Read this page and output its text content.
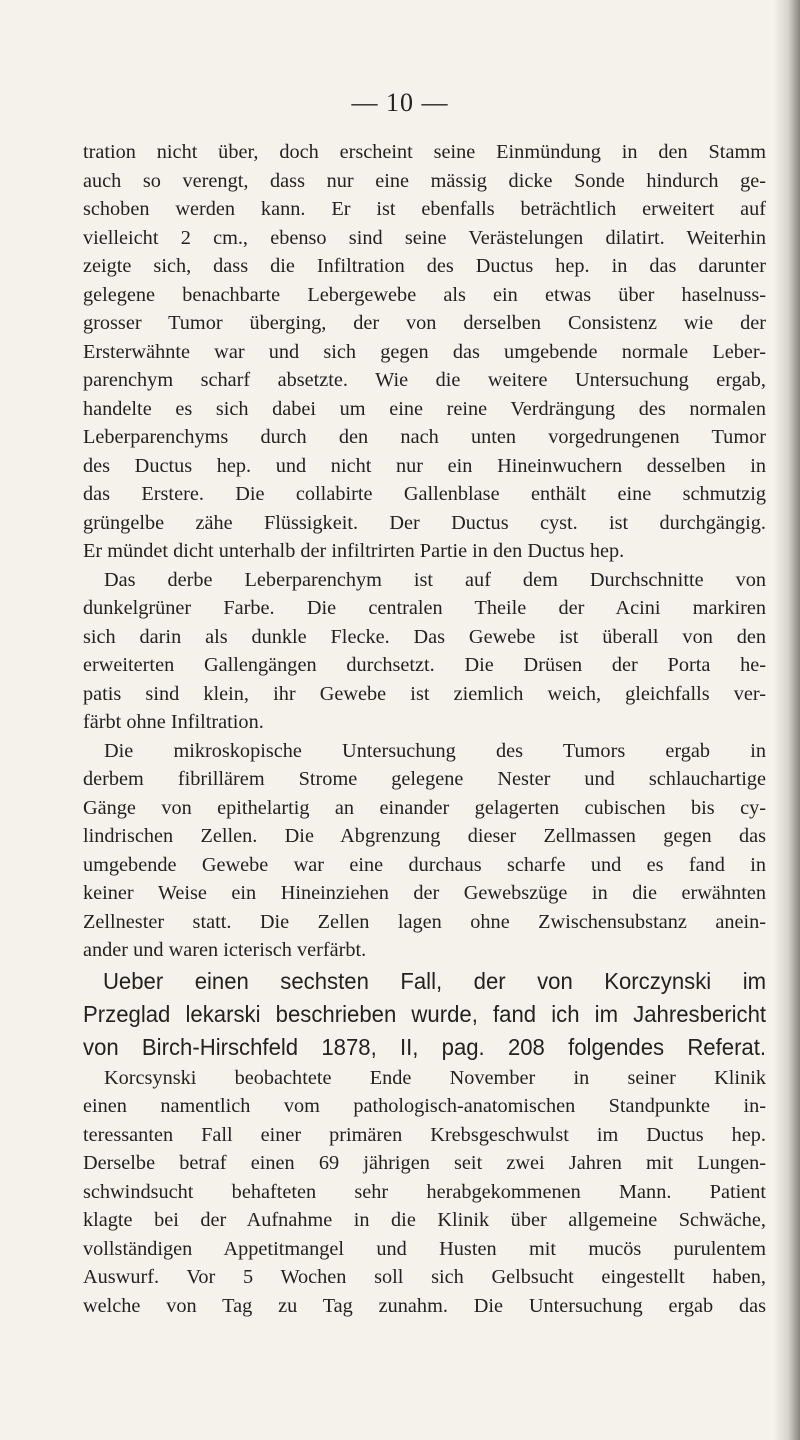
— 10 —
tration nicht über, doch erscheint seine Einmündung in den Stamm
auch so verengt, dass nur eine mässig dicke Sonde hindurch ge-
schoben werden kann. Er ist ebenfalls beträchtlich erweitert auf
vielleicht 2 cm., ebenso sind seine Verästelungen dilatirt. Weiterhin
zeigte sich, dass die Infiltration des Ductus hep. in das darunter
gelegene benachbarte Lebergewebe als ein etwas über haselnuss-
grosser Tumor überging, der von derselben Consistenz wie der
Ersterwähnte war und sich gegen das umgebende normale Leber-
parenchym scharf absetzte. Wie die weitere Untersuchung ergab,
handelte es sich dabei um eine reine Verdrängung des normalen
Leberparenchyms durch den nach unten vorgedrungenen Tumor
des Ductus hep. und nicht nur ein Hineinwuchern desselben in
das Erstere. Die collabirte Gallenblase enthält eine schmutzig
grüngelbe zähe Flüssigkeit. Der Ductus cyst. ist durchgängig.
Er mündet dicht unterhalb der infiltrirten Partie in den Ductus hep.
Das derbe Leberparenchym ist auf dem Durchschnitte von
dunkelgrüner Farbe. Die centralen Theile der Acini markiren
sich darin als dunkle Flecke. Das Gewebe ist überall von den
erweiterten Gallengängen durchsetzt. Die Drüsen der Porta he-
patis sind klein, ihr Gewebe ist ziemlich weich, gleichfalls ver-
färbt ohne Infiltration.
Die mikroskopische Untersuchung des Tumors ergab in
derbem fibrillärem Strome gelegene Nester und schlauchartige
Gänge von epithelartig an einander gelagerten cubischen bis cy-
lindrischen Zellen. Die Abgrenzung dieser Zellmassen gegen das
umgebende Gewebe war eine durchaus scharfe und es fand in
keiner Weise ein Hineinziehen der Gewebszüge in die erwähnten
Zellnester statt. Die Zellen lagen ohne Zwischensubstanz anein-
ander und waren icterisch verfärbt.
Ueber einen sechsten Fall, der von Korczynski im
Przeglad lekarski beschrieben wurde, fand ich im Jahresbericht
von Birch-Hirschfeld 1878, II, pag. 208 folgendes Referat.
Korcsynski beobachtete Ende November in seiner Klinik
einen namentlich vom pathologisch-anatomischen Standpunkte in-
teressanten Fall einer primären Krebsgeschwulst im Ductus hep.
Derselbe betraf einen 69 jährigen seit zwei Jahren mit Lungen-
schwindsucht behafteten sehr herabgekommenen Mann. Patient
klagte bei der Aufnahme in die Klinik über allgemeine Schwäche,
vollständigen Appetitmangel und Husten mit mucös purulentem
Auswurf. Vor 5 Wochen soll sich Gelbsucht eingestellt haben,
welche von Tag zu Tag zunahm. Die Untersuchung ergab das
